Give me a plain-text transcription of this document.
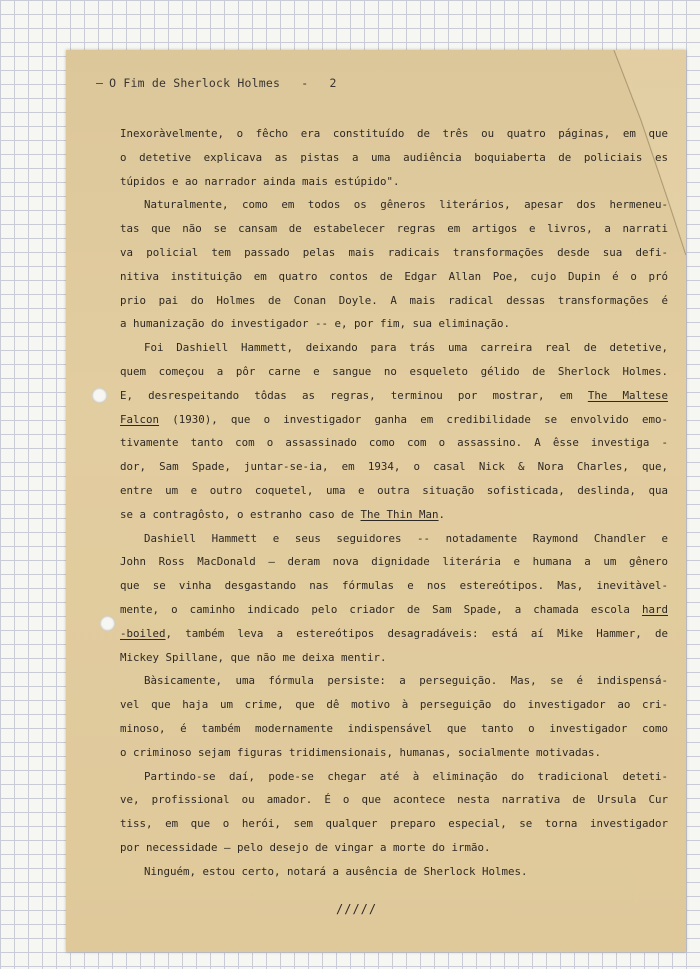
— O Fim de Sherlock Holmes - 2
Inexoràvelmente, o fêcho era constituído de três ou quatro páginas, em que
o detetive explicava as pistas a uma audiência boquiaberta de policiais es
túpidos e ao narrador ainda mais estúpido".
Naturalmente, como em todos os gêneros literários, apesar dos hermeneu-
tas que não se cansam de estabelecer regras em artigos e livros, a narrati
va policial tem passado pelas mais radicais transformações desde sua defi-
nitiva instituição em quatro contos de Edgar Allan Poe, cujo Dupin é o pró
prio pai do Holmes de Conan Doyle. A mais radical dessas transformações é
a humanização do investigador -- e, por fim, sua eliminação.
Foi Dashiell Hammett, deixando para trás uma carreira real de detetive,
quem começou a pôr carne e sangue no esqueleto gélido de Sherlock Holmes.
E, desrespeitando tôdas as regras, terminou por mostrar, em The Maltese
Falcon (1930), que o investigador ganha em credibilidade se envolvido emo-
tivamente tanto com o assassinado como com o assassino. A êsse investiga -
dor, Sam Spade, juntar-se-ia, em 1934, o casal Nick & Nora Charles, que,
entre um e outro coquetel, uma e outra situação sofisticada, deslinda, qua
se a contragôsto, o estranho caso de The Thin Man.
Dashiell Hammett e seus seguidores -- notadamente Raymond Chandler e
John Ross MacDonald — deram nova dignidade literária e humana a um gênero
que se vinha desgastando nas fórmulas e nos estereótipos. Mas, inevitàvel-
mente, o caminho indicado pelo criador de Sam Spade, a chamada escola hard
-boiled, também leva a estereótipos desagradáveis: está aí Mike Hammer, de
Mickey Spillane, que não me deixa mentir.
Bàsicamente, uma fórmula persiste: a perseguição. Mas, se é indispensá-
vel que haja um crime, que dê motivo à perseguição do investigador ao cri-
minoso, é também modernamente indispensável que tanto o investigador como
o criminoso sejam figuras tridimensionais, humanas, socialmente motivadas.
Partindo-se daí, pode-se chegar até à eliminação do tradicional deteti-
ve, profissional ou amador. É o que acontece nesta narrativa de Ursula Cur
tiss, em que o herói, sem qualquer preparo especial, se torna investigador
por necessidade — pelo desejo de vingar a morte do irmão.
Ninguém, estou certo, notará a ausência de Sherlock Holmes.
/////
